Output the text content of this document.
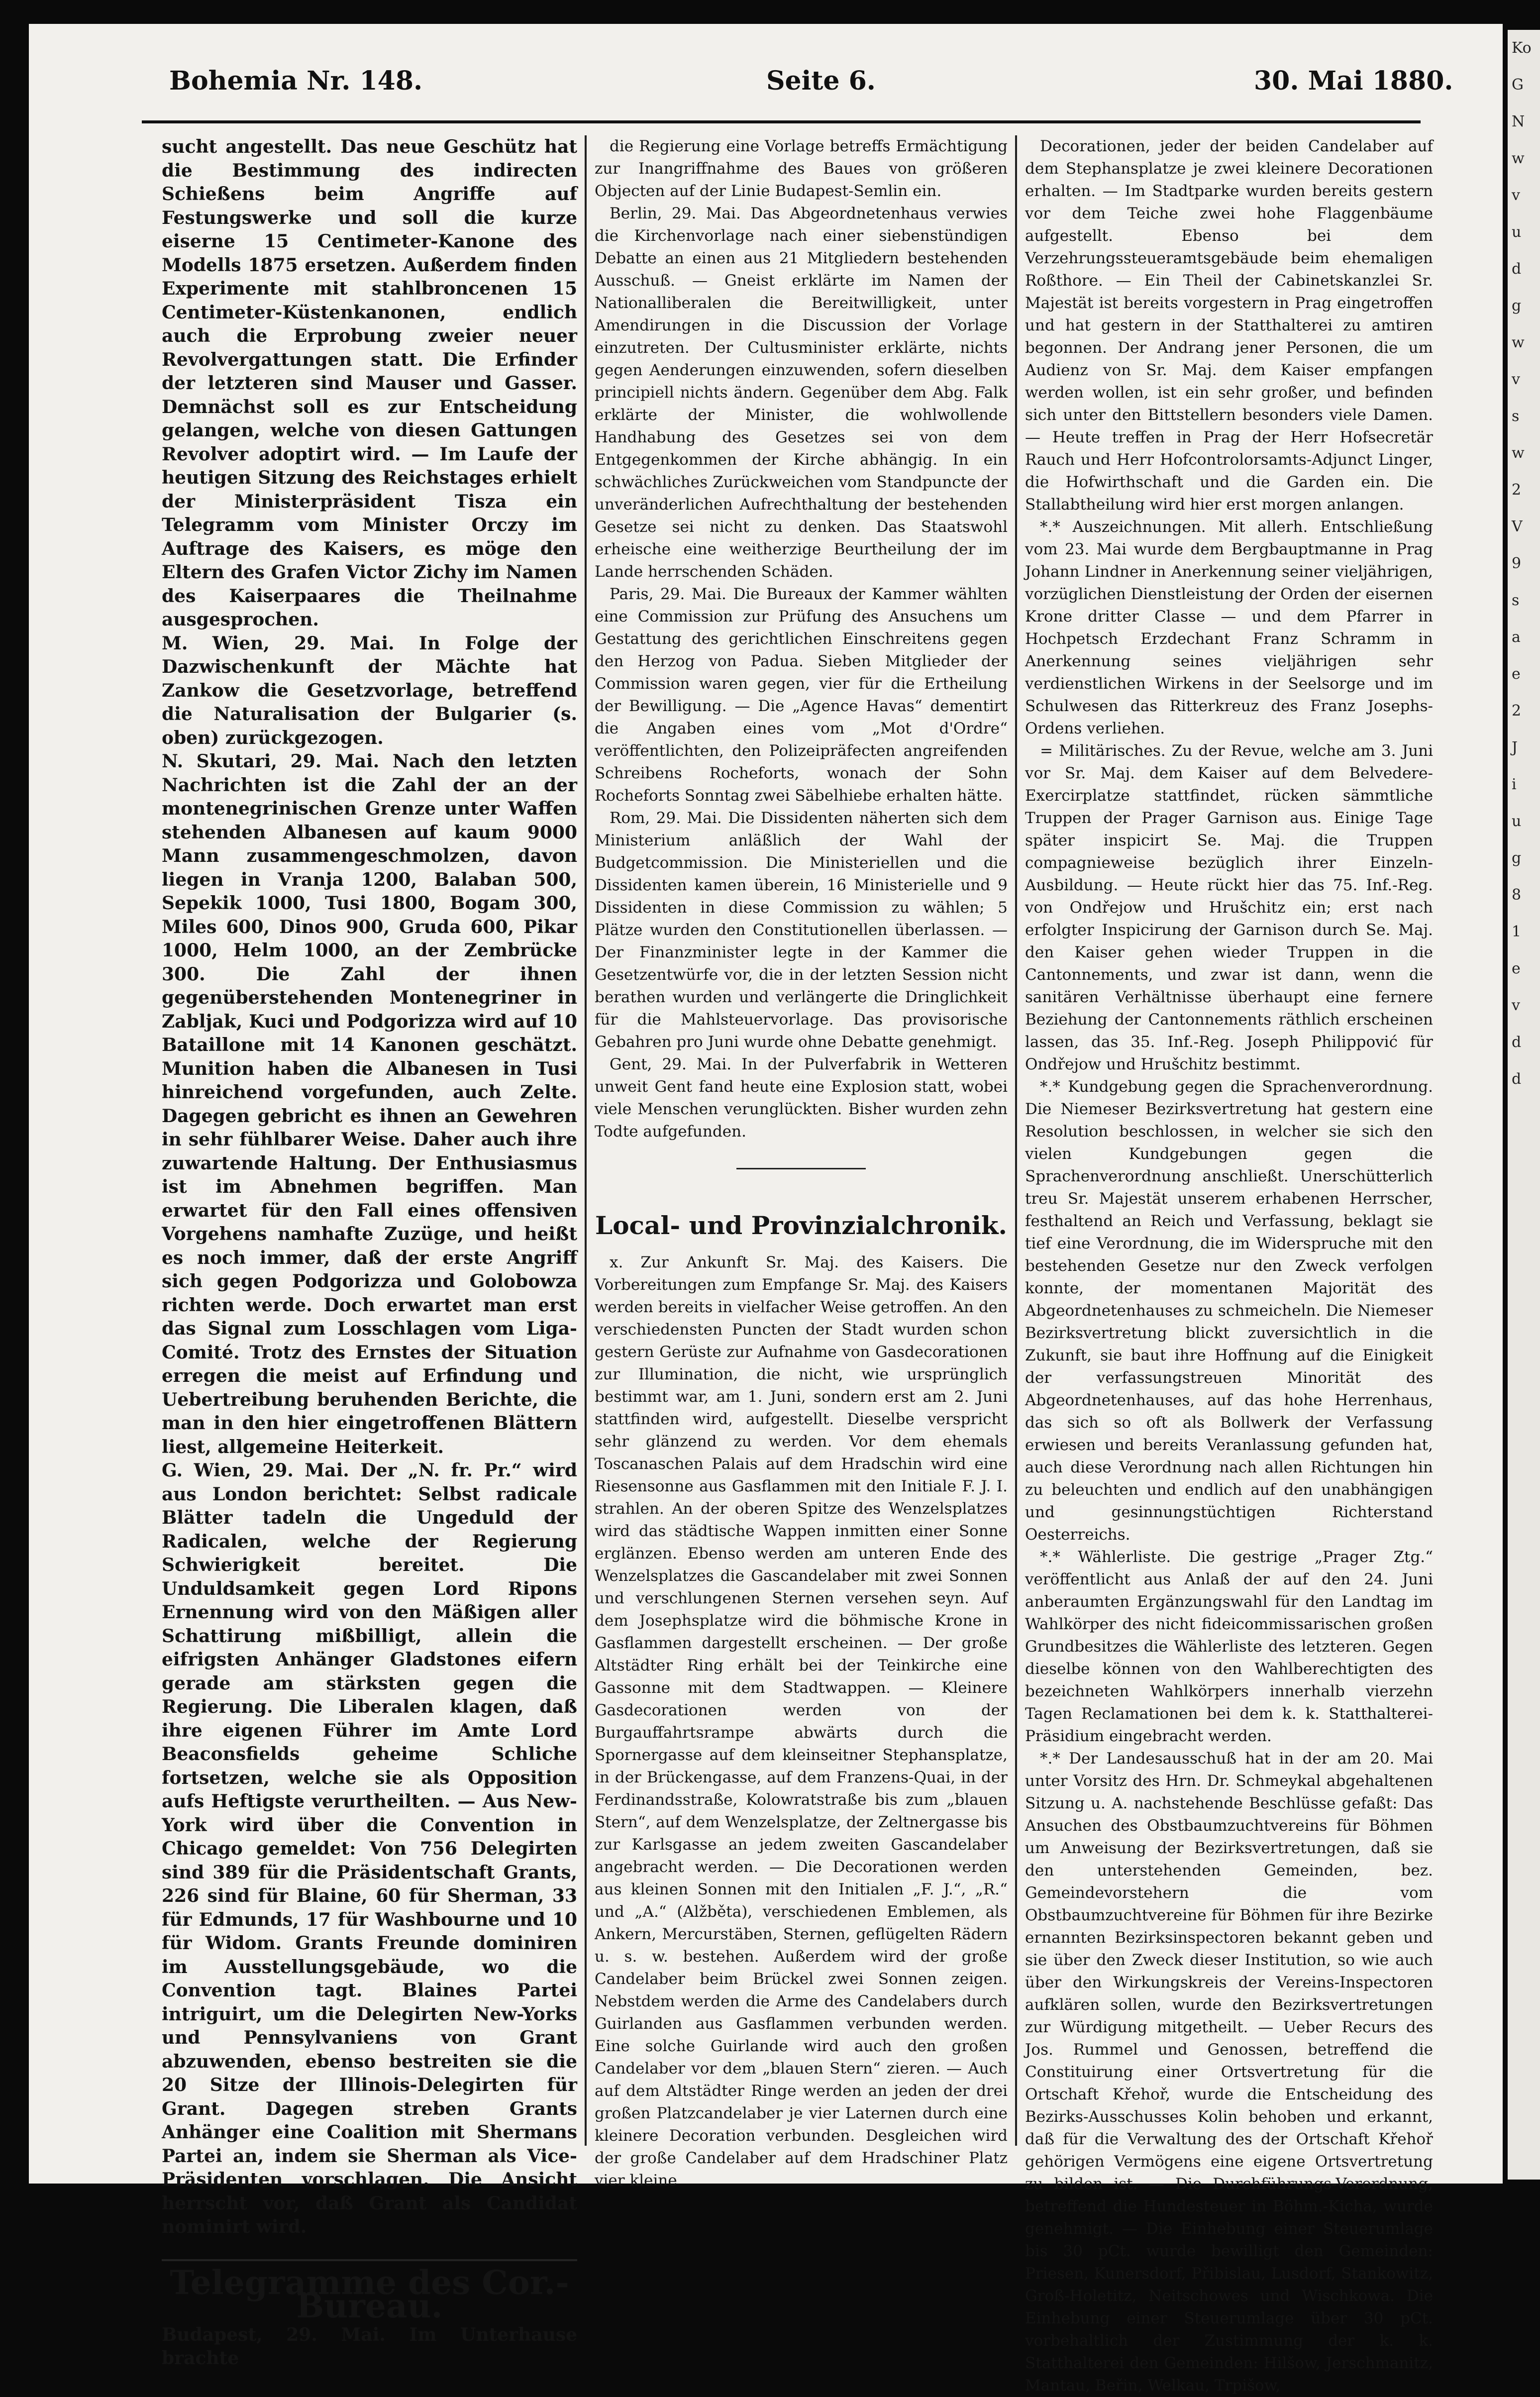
Ko
G
N
w
v
u
d
g
w
v
s
w
2
V
9
s
a
e
2
J
i
u
g
8
1
e
v
d
d
Bohemia Nr. 148.	Seite 6.	30. Mai 1880.

sucht angestellt. Das neue Geschütz hat die Bestimmung des indirecten Schießens beim Angriffe auf Festungswerke und soll die kurze eiserne 15 Centimeter-Kanone des Modells 1875 ersetzen. Außerdem finden Experimente mit stahlbroncenen 15 Centimeter-Küstenkanonen, endlich auch die Erprobung zweier neuer Revolvergattungen statt. Die Erfinder der letzteren sind Mauser und Gasser. Demnächst soll es zur Entscheidung gelangen, welche von diesen Gattungen Revolver adoptirt wird. — Im Laufe der heutigen Sitzung des Reichstages erhielt der Ministerpräsident Tisza ein Telegramm vom Minister Orczy im Auftrage des Kaisers, es möge den Eltern des Grafen Victor Zichy im Namen des Kaiserpaares die Theilnahme ausgesprochen.

M. Wien, 29. Mai. In Folge der Dazwischenkunft der Mächte hat Zankow die Gesetzvorlage, betreffend die Naturalisation der Bulgarier (s. oben) zurückgezogen.

N. Skutari, 29. Mai. Nach den letzten Nachrichten ist die Zahl der an der montenegrinischen Grenze unter Waffen stehenden Albanesen auf kaum 9000 Mann zusammengeschmolzen, davon liegen in Vranja 1200, Balaban 500, Sepekik 1000, Tusi 1800, Bogam 300, Miles 600, Dinos 900, Gruda 600, Pikar 1000, Helm 1000, an der Zembrücke 300. Die Zahl der ihnen gegenüberstehenden Montenegriner in Zabljak, Kuci und Podgorizza wird auf 10 Bataillone mit 14 Kanonen geschätzt. Munition haben die Albanesen in Tusi hinreichend vorgefunden, auch Zelte. Dagegen gebricht es ihnen an Gewehren in sehr fühlbarer Weise. Daher auch ihre zuwartende Haltung. Der Enthusiasmus ist im Abnehmen begriffen. Man erwartet für den Fall eines offensiven Vorgehens namhafte Zuzüge, und heißt es noch immer, daß der erste Angriff sich gegen Podgorizza und Golobowza richten werde. Doch erwartet man erst das Signal zum Losschlagen vom Liga-Comité. Trotz des Ernstes der Situation erregen die meist auf Erfindung und Uebertreibung beruhenden Berichte, die man in den hier eingetroffenen Blättern liest, allgemeine Heiterkeit.

G. Wien, 29. Mai. Der „N. fr. Pr.“ wird aus London berichtet: Selbst radicale Blätter tadeln die Ungeduld der Radicalen, welche der Regierung Schwierigkeit bereitet. Die Unduldsamkeit gegen Lord Ripons Ernennung wird von den Mäßigen aller Schattirung mißbilligt, allein die eifrigsten Anhänger Gladstones eifern gerade am stärksten gegen die Regierung. Die Liberalen klagen, daß ihre eigenen Führer im Amte Lord Beaconsfields geheime Schliche fortsetzen, welche sie als Opposition aufs Heftigste verurtheilten. — Aus New-York wird über die Convention in Chicago gemeldet: Von 756 Delegirten sind 389 für die Präsidentschaft Grants, 226 sind für Blaine, 60 für Sherman, 33 für Edmunds, 17 für Washbourne und 10 für Widom. Grants Freunde dominiren im Ausstellungsgebäude, wo die Convention tagt. Blaines Partei intriguirt, um die Delegirten New-Yorks und Pennsylvaniens von Grant abzuwenden, ebenso bestreiten sie die 20 Sitze der Illinois-Delegirten für Grant. Dagegen streben Grants Anhänger eine Coalition mit Shermans Partei an, indem sie Sherman als Vice-Präsidenten vorschlagen. Die Ansicht herrscht vor, daß Grant als Candidat nominirt wird.

Telegramme des Cor.-Bureau.

Budapest, 29. Mai. Im Unterhause brachte

die Regierung eine Vorlage betreffs Ermächtigung zur Inangriffnahme des Baues von größeren Objecten auf der Linie Budapest-Semlin ein.

Berlin, 29. Mai. Das Abgeordnetenhaus verwies die Kirchenvorlage nach einer siebenstündigen Debatte an einen aus 21 Mitgliedern bestehenden Ausschuß. — Gneist erklärte im Namen der Nationalliberalen die Bereitwilligkeit, unter Amendirungen in die Discussion der Vorlage einzutreten. Der Cultusminister erklärte, nichts gegen Aenderungen einzuwenden, sofern dieselben principiell nichts ändern. Gegenüber dem Abg. Falk erklärte der Minister, die wohlwollende Handhabung des Gesetzes sei von dem Entgegenkommen der Kirche abhängig. In ein schwächliches Zurückweichen vom Standpuncte der unveränderlichen Aufrechthaltung der bestehenden Gesetze sei nicht zu denken. Das Staatswohl erheische eine weitherzige Beurtheilung der im Lande herrschenden Schäden.

Paris, 29. Mai. Die Bureaux der Kammer wählten eine Commission zur Prüfung des Ansuchens um Gestattung des gerichtlichen Einschreitens gegen den Herzog von Padua. Sieben Mitglieder der Commission waren gegen, vier für die Ertheilung der Bewilligung. — Die „Agence Havas“ dementirt die Angaben eines vom „Mot d'Ordre“ veröffentlichten, den Polizeipräfecten angreifenden Schreibens Rocheforts, wonach der Sohn Rocheforts Sonntag zwei Säbelhiebe erhalten hätte.

Rom, 29. Mai. Die Dissidenten näherten sich dem Ministerium anläßlich der Wahl der Budgetcommission. Die Ministeriellen und die Dissidenten kamen überein, 16 Ministerielle und 9 Dissidenten in diese Commission zu wählen; 5 Plätze wurden den Constitutionellen überlassen. — Der Finanzminister legte in der Kammer die Gesetzentwürfe vor, die in der letzten Session nicht berathen wurden und verlängerte die Dringlichkeit für die Mahlsteuervorlage. Das provisorische Gebahren pro Juni wurde ohne Debatte genehmigt.

Gent, 29. Mai. In der Pulverfabrik in Wetteren unweit Gent fand heute eine Explosion statt, wobei viele Menschen verunglückten. Bisher wurden zehn Todte aufgefunden.

Local- und Provinzialchronik.

x. Zur Ankunft Sr. Maj. des Kaisers. Die Vorbereitungen zum Empfange Sr. Maj. des Kaisers werden bereits in vielfacher Weise getroffen. An den verschiedensten Puncten der Stadt wurden schon gestern Gerüste zur Aufnahme von Gasdecorationen zur Illumination, die nicht, wie ursprünglich bestimmt war, am 1. Juni, sondern erst am 2. Juni stattfinden wird, aufgestellt. Dieselbe verspricht sehr glänzend zu werden. Vor dem ehemals Toscanaschen Palais auf dem Hradschin wird eine Riesensonne aus Gasflammen mit den Initiale F. J. I. strahlen. An der oberen Spitze des Wenzelsplatzes wird das städtische Wappen inmitten einer Sonne erglänzen. Ebenso werden am unteren Ende des Wenzelsplatzes die Gascandelaber mit zwei Sonnen und verschlungenen Sternen versehen seyn. Auf dem Josephsplatze wird die böhmische Krone in Gasflammen dargestellt erscheinen. — Der große Altstädter Ring erhält bei der Teinkirche eine Gassonne mit dem Stadtwappen. — Kleinere Gasdecorationen werden von der Burgauffahrtsrampe abwärts durch die Spornergasse auf dem kleinseitner Stephansplatze, in der Brückengasse, auf dem Franzens-Quai, in der Ferdinandsstraße, Kolowratstraße bis zum „blauen Stern“, auf dem Wenzelsplatze, der Zeltnergasse bis zur Karlsgasse an jedem zweiten Gascandelaber angebracht werden. — Die Decorationen werden aus kleinen Sonnen mit den Initialen „F. J.“, „R.“ und „A.“ (Alžběta), verschiedenen Emblemen, als Ankern, Mercurstäben, Sternen, geflügelten Rädern u. s. w. bestehen. Außerdem wird der große Candelaber beim Brückel zwei Sonnen zeigen. Nebstdem werden die Arme des Candelabers durch Guirlanden aus Gasflammen verbunden werden. Eine solche Guirlande wird auch den großen Candelaber vor dem „blauen Stern“ zieren. — Auch auf dem Altstädter Ringe werden an jeden der drei großen Platzcandelaber je vier Laternen durch eine kleinere Decoration verbunden. Desgleichen wird der große Candelaber auf dem Hradschiner Platz vier kleine

Decorationen, jeder der beiden Candelaber auf dem Stephansplatze je zwei kleinere Decorationen erhalten. — Im Stadtparke wurden bereits gestern vor dem Teiche zwei hohe Flaggenbäume aufgestellt. Ebenso bei dem Verzehrungssteueramtsgebäude beim ehemaligen Roßthore. — Ein Theil der Cabinetskanzlei Sr. Majestät ist bereits vorgestern in Prag eingetroffen und hat gestern in der Statthalterei zu amtiren begonnen. Der Andrang jener Personen, die um Audienz von Sr. Maj. dem Kaiser empfangen werden wollen, ist ein sehr großer, und befinden sich unter den Bittstellern besonders viele Damen. — Heute treffen in Prag der Herr Hofsecretär Rauch und Herr Hofcontrolorsamts-Adjunct Linger, die Hofwirthschaft und die Garden ein. Die Stallabtheilung wird hier erst morgen anlangen.

*.* Auszeichnungen. Mit allerh. Entschließung vom 23. Mai wurde dem Bergbauptmanne in Prag Johann Lindner in Anerkennung seiner vieljährigen, vorzüglichen Dienstleistung der Orden der eisernen Krone dritter Classe — und dem Pfarrer in Hochpetsch Erzdechant Franz Schramm in Anerkennung seines vieljährigen sehr verdienstlichen Wirkens in der Seelsorge und im Schulwesen das Ritterkreuz des Franz Josephs-Ordens verliehen.

= Militärisches. Zu der Revue, welche am 3. Juni vor Sr. Maj. dem Kaiser auf dem Belvedere-Exercirplatze stattfindet, rücken sämmtliche Truppen der Prager Garnison aus. Einige Tage später inspicirt Se. Maj. die Truppen compagnieweise bezüglich ihrer Einzeln-Ausbildung. — Heute rückt hier das 75. Inf.-Reg. von Ondřejow und Hrušchitz ein; erst nach erfolgter Inspicirung der Garnison durch Se. Maj. den Kaiser gehen wieder Truppen in die Cantonnements, und zwar ist dann, wenn die sanitären Verhältnisse überhaupt eine fernere Beziehung der Cantonnements räthlich erscheinen lassen, das 35. Inf.-Reg. Joseph Philippović für Ondřejow und Hrušchitz bestimmt.

*.* Kundgebung gegen die Sprachenverordnung. Die Niemeser Bezirksvertretung hat gestern eine Resolution beschlossen, in welcher sie sich den vielen Kundgebungen gegen die Sprachenverordnung anschließt. Unerschütterlich treu Sr. Majestät unserem erhabenen Herrscher, festhaltend an Reich und Verfassung, beklagt sie tief eine Verordnung, die im Widerspruche mit den bestehenden Gesetze nur den Zweck verfolgen konnte, der momentanen Majorität des Abgeordnetenhauses zu schmeicheln. Die Niemeser Bezirksvertretung blickt zuversichtlich in die Zukunft, sie baut ihre Hoffnung auf die Einigkeit der verfassungstreuen Minorität des Abgeordnetenhauses, auf das hohe Herrenhaus, das sich so oft als Bollwerk der Verfassung erwiesen und bereits Veranlassung gefunden hat, auch diese Verordnung nach allen Richtungen hin zu beleuchten und endlich auf den unabhängigen und gesinnungstüchtigen Richterstand Oesterreichs.

*.* Wählerliste. Die gestrige „Prager Ztg.“ veröffentlicht aus Anlaß der auf den 24. Juni anberaumten Ergänzungswahl für den Landtag im Wahlkörper des nicht fideicommissarischen großen Grundbesitzes die Wählerliste des letzteren. Gegen dieselbe können von den Wahlberechtigten des bezeichneten Wahlkörpers innerhalb vierzehn Tagen Reclamationen bei dem k. k. Statthalterei-Präsidium eingebracht werden.

*.* Der Landesausschuß hat in der am 20. Mai unter Vorsitz des Hrn. Dr. Schmeykal abgehaltenen Sitzung u. A. nachstehende Beschlüsse gefaßt: Das Ansuchen des Obstbaumzuchtvereins für Böhmen um Anweisung der Bezirksvertretungen, daß sie den unterstehenden Gemeinden, bez. Gemeindevorstehern die vom Obstbaumzuchtvereine für Böhmen für ihre Bezirke ernannten Bezirksinspectoren bekannt geben und sie über den Zweck dieser Institution, so wie auch über den Wirkungskreis der Vereins-Inspectoren aufklären sollen, wurde den Bezirksvertretungen zur Würdigung mitgetheilt. — Ueber Recurs des Jos. Rummel und Genossen, betreffend die Constituirung einer Ortsvertretung für die Ortschaft Křehoř, wurde die Entscheidung des Bezirks-Ausschusses Kolin behoben und erkannt, daß für die Verwaltung des der Ortschaft Křehoř gehörigen Vermögens eine eigene Ortsvertretung zu bilden ist. — Die Durchführungs-Verordnung, betreffend die Hundesteuer in Böhm.-Kicha, wurde genehmigt. — Die Einhebung einer Steuerumlage bis 30 pCt. wurde bewilligt den Gemeinden: Priesen, Kunersdorf, Přibislau, Lusdorf, Stankowitz, Groß-Holetitz, Neitschowes und Wischkowa. Die Einhebung einer Steuerumlage über 30 pCt. vorbehaltlich der Zustimmung der k. k. Statthalterei den Gemeinden: Hilšow, Jerschmanitz, Mantau, Beřin, Welkau, Trpišow,
